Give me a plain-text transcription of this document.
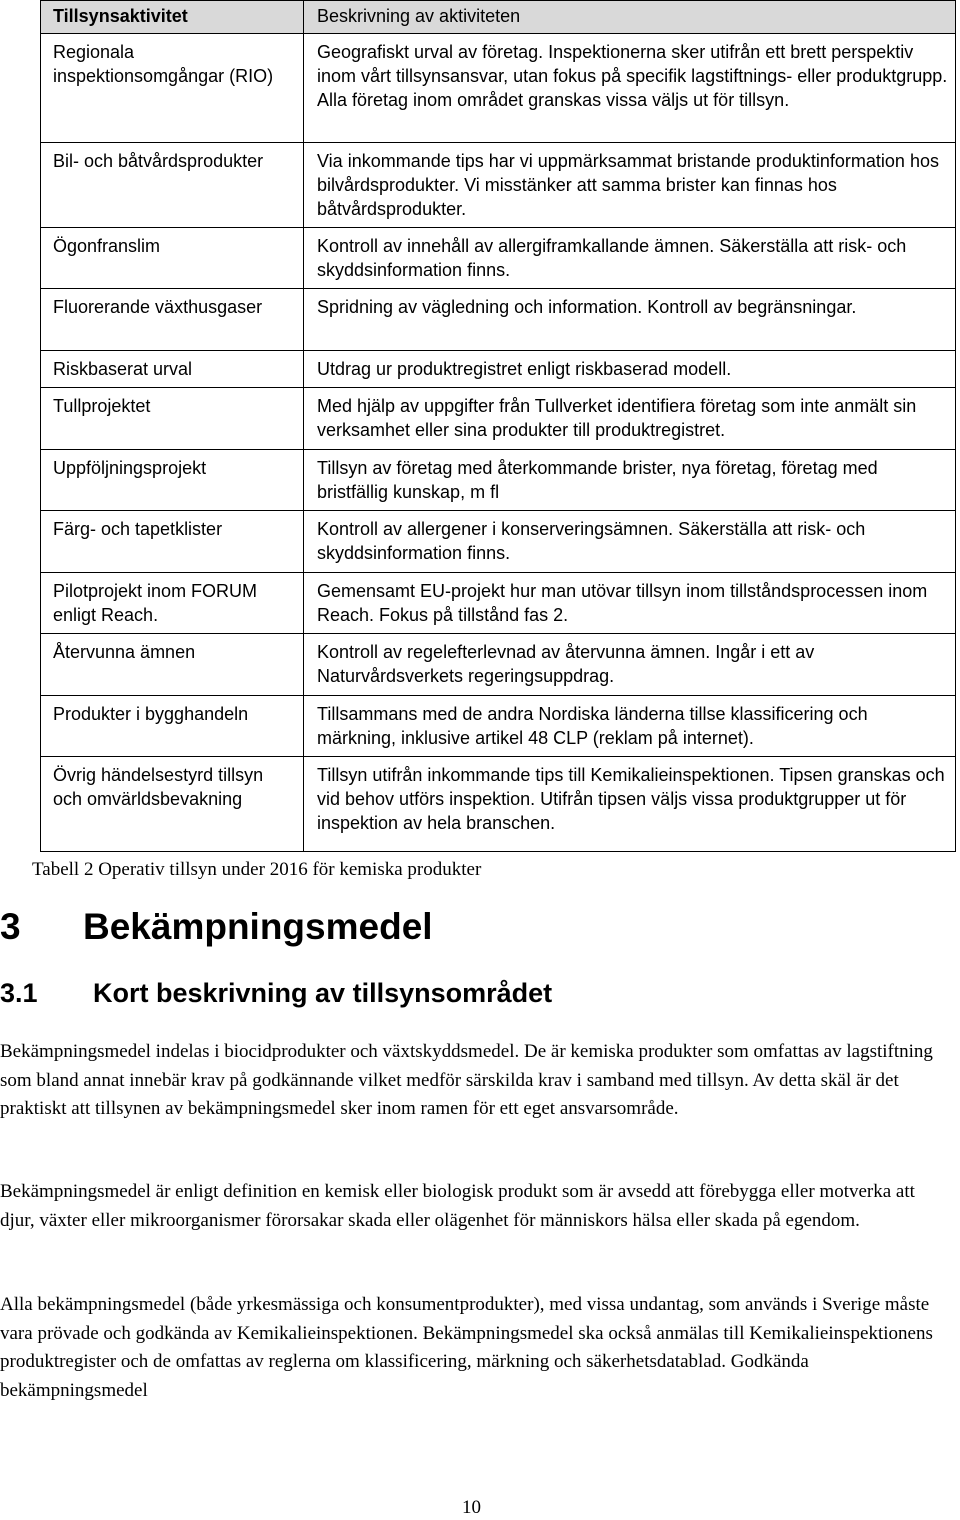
Tillsynsaktivitet	Beskrivning av aktiviteten

Regionala inspektionsomgångar (RIO)	Geografiskt urval av företag. Inspektionerna sker utifrån ett brett perspektiv inom vårt tillsynsansvar, utan fokus på specifik lagstiftnings- eller produktgrupp. Alla företag inom området granskas vissa väljs ut för tillsyn.

Bil- och båtvårdsprodukter	Via inkommande tips har vi uppmärksammat bristande produktinformation hos bilvårdsprodukter. Vi misstänker att samma brister kan finnas hos båtvårdsprodukter.

Ögonfranslim	Kontroll av innehåll av allergiframkallande ämnen. Säkerställa att risk- och skyddsinformation finns.

Fluorerande växthusgaser	Spridning av vägledning och information. Kontroll av begränsningar.

Riskbaserat urval	Utdrag ur produktregistret enligt riskbaserad modell.

Tullprojektet	Med hjälp av uppgifter från Tullverket identifiera företag som inte anmält sin verksamhet eller sina produkter till produktregistret.

Uppföljningsprojekt	Tillsyn av företag med återkommande brister, nya företag, företag med bristfällig kunskap, m fl

Färg- och tapetklister	Kontroll av allergener i konserveringsämnen. Säkerställa att risk- och skyddsinformation finns.

Pilotprojekt inom FORUM enligt Reach.	Gemensamt EU-projekt hur man utövar tillsyn inom tillståndsprocessen inom Reach. Fokus på tillstånd fas 2.

Återvunna ämnen	Kontroll av regelefterlevnad av återvunna ämnen. Ingår i ett av Naturvårdsverkets regeringsuppdrag.

Produkter i bygghandeln	Tillsammans med de andra Nordiska länderna tillse klassificering och märkning, inklusive artikel 48 CLP (reklam på internet).

Övrig händelsestyrd tillsyn och omvärldsbevakning	Tillsyn utifrån inkommande tips till Kemikalieinspektionen. Tipsen granskas och vid behov utförs inspektion. Utifrån tipsen väljs vissa produktgrupper ut för inspektion av hela branschen.
Tabell 2 Operativ tillsyn under 2016 för kemiska produkter
3 Bekämpningsmedel
3.1 Kort beskrivning av tillsynsområdet

Bekämpningsmedel indelas i biocidprodukter och växtskyddsmedel. De är kemiska produkter som omfattas av lagstiftning som bland annat innebär krav på godkännande vilket medför särskilda krav i samband med tillsyn. Av detta skäl är det praktiskt att tillsynen av bekämpningsmedel sker inom ramen för ett eget ansvarsområde.

Bekämpningsmedel är enligt definition en kemisk eller biologisk produkt som är avsedd att förebygga eller motverka att djur, växter eller mikroorganismer förorsakar skada eller olägenhet för människors hälsa eller skada på egendom.

Alla bekämpningsmedel (både yrkesmässiga och konsumentprodukter), med vissa undantag, som används i Sverige måste vara prövade och godkända av Kemikalieinspektionen. Bekämpningsmedel ska också anmälas till Kemikalieinspektionens produktregister och de omfattas av reglerna om klassificering, märkning och säkerhetsdatablad. Godkända bekämpningsmedel

10
